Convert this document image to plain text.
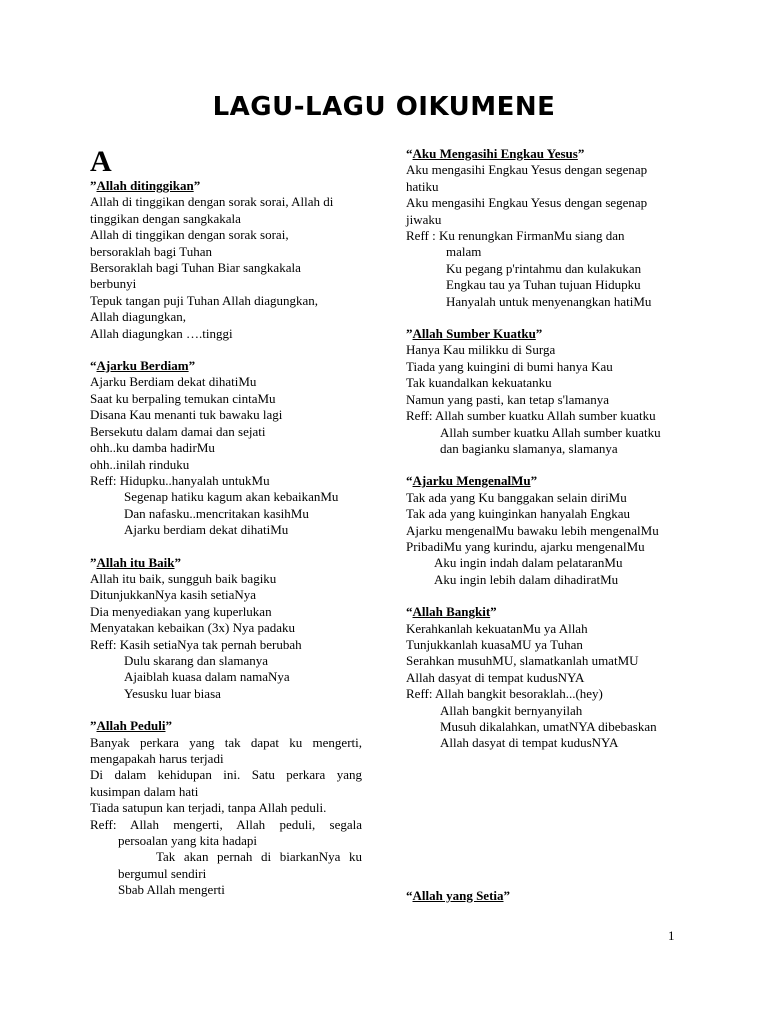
LAGU-LAGU OIKUMENE
A
”Allah ditinggikan”
Allah di tinggikan dengan sorak sorai, Allah di
tinggikan dengan sangkakala
Allah di tinggikan dengan sorak sorai,
bersoraklah bagi Tuhan
Bersoraklah bagi Tuhan Biar sangkakala
berbunyi
Tepuk tangan puji Tuhan Allah diagungkan,
Allah diagungkan,
Allah diagungkan ….tinggi
“Ajarku Berdiam”
Ajarku Berdiam dekat dihatiMu
Saat ku berpaling temukan cintaMu
Disana Kau menanti tuk bawaku lagi
Bersekutu dalam damai dan sejati
ohh..ku damba hadirMu
ohh..inilah rinduku
Reff: Hidupku..hanyalah untukMu
Segenap hatiku kagum akan kebaikanMu
Dan nafasku..mencritakan kasihMu
Ajarku berdiam dekat dihatiMu
”Allah itu Baik”
Allah itu baik, sungguh baik bagiku
DitunjukkanNya kasih setiaNya
Dia menyediakan yang kuperlukan
Menyatakan kebaikan (3x) Nya padaku
Reff: Kasih setiaNya tak pernah berubah
Dulu skarang dan slamanya
Ajaiblah kuasa dalam namaNya
Yesusku luar biasa
”Allah Peduli”
Banyak perkara yang tak dapat ku mengerti,
mengapakah harus terjadi
Di dalam kehidupan ini. Satu perkara yang
kusimpan dalam hati
Tiada satupun kan terjadi, tanpa Allah peduli.
Reff: Allah mengerti, Allah peduli, segala
persoalan yang kita hadapi
Tak akan pernah di biarkanNya ku
bergumul sendiri
Sbab Allah mengerti
“Aku Mengasihi Engkau Yesus”
Aku mengasihi Engkau Yesus dengan segenap
hatiku
Aku mengasihi Engkau Yesus dengan segenap
jiwaku
Reff : Ku renungkan FirmanMu siang dan
malam
Ku pegang p'rintahmu dan kulakukan
Engkau tau ya Tuhan tujuan Hidupku
Hanyalah untuk menyenangkan hatiMu
”Allah Sumber Kuatku”
Hanya Kau milikku di Surga
Tiada yang kuingini di bumi hanya Kau
Tak kuandalkan kekuatanku
Namun yang pasti, kan tetap s'lamanya
Reff: Allah sumber kuatku Allah sumber kuatku
Allah sumber kuatku Allah sumber kuatku
dan bagianku slamanya, slamanya
“Ajarku MengenalMu”
Tak ada yang Ku banggakan selain diriMu
Tak ada yang kuinginkan hanyalah Engkau
Ajarku mengenalMu bawaku lebih mengenalMu
PribadiMu yang kurindu, ajarku mengenalMu
Aku ingin indah dalam pelataranMu
Aku ingin lebih dalam dihadiratMu
“Allah Bangkit”
Kerahkanlah kekuatanMu ya Allah
Tunjukkanlah kuasaMU ya Tuhan
Serahkan musuhMU, slamatkanlah umatMU
Allah dasyat di tempat kudusNYA
Reff: Allah bangkit besoraklah...(hey)
Allah bangkit bernyanyilah
Musuh dikalahkan, umatNYA dibebaskan
Allah dasyat di tempat kudusNYA
“Allah yang Setia”
1
